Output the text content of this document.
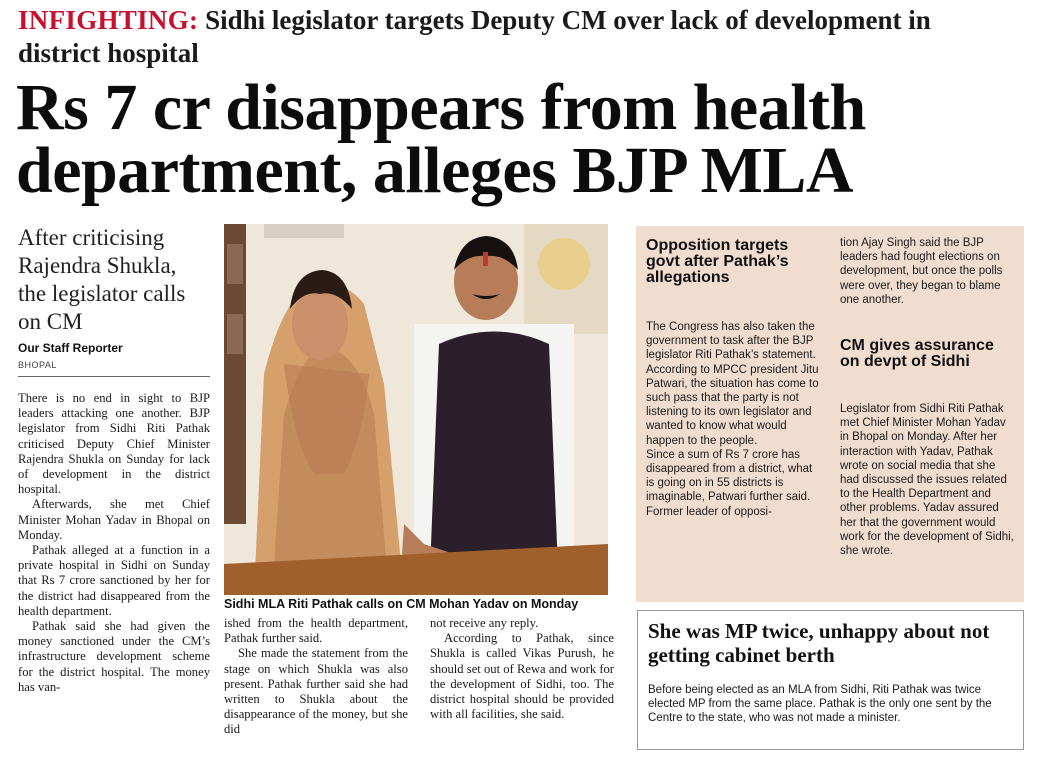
INFIGHTING: Sidhi legislator targets Deputy CM over lack of development in district hospital
Rs 7 cr disappears from health department, alleges BJP MLA
After criticising Rajendra Shukla, the legislator calls on CM
Our Staff Reporter
BHOPAL

There is no end in sight to BJP leaders attacking one another. BJP legislator from Sidhi Riti Pathak criticised Deputy Chief Minister Rajendra Shukla on Sunday for lack of development in the district hospital.

Afterwards, she met Chief Minister Mohan Yadav in Bhopal on Monday.

Pathak alleged at a function in a private hospital in Sidhi on Sunday that Rs 7 crore sanctioned by her for the district had disappeared from the health department.

Pathak said she had given the money sanctioned under the CM’s infrastructure development scheme for the district hospital. The money has van-

Sidhi MLA Riti Pathak calls on CM Mohan Yadav on Monday

ished from the health department, Pathak further said.

She made the statement from the stage on which Shukla was also present. Pathak further said she had written to Shukla about the disappearance of the money, but she did

not receive any reply.

According to Pathak, since Shukla is called Vikas Purush, he should set out of Rewa and work for the development of Sidhi, too. The district hospital should be provided with all facilities, she said.

Opposition targets govt after Pathak’s allegations

The Congress has also taken the government to task after the BJP legislator Riti Pathak’s statement. According to MPCC president Jitu Patwari, the situation has come to such pass that the party is not listening to its own legislator and wanted to know what would happen to the people.

Since a sum of Rs 7 crore has disappeared from a district, what is going on in 55 districts is imaginable, Patwari further said.

Former leader of opposi-

tion Ajay Singh said the BJP leaders had fought elections on development, but once the polls were over, they began to blame one another.
CM gives assurance on devpt of Sidhi
Legislator from Sidhi Riti Pathak met Chief Minister Mohan Yadav in Bhopal on Monday. After her interaction with Yadav, Pathak wrote on social media that she had discussed the issues related to the Health Department and other problems. Yadav assured her that the government would work for the development of Sidhi, she wrote.
She was MP twice, unhappy about not getting cabinet berth
Before being elected as an MLA from Sidhi, Riti Pathak was twice elected MP from the same place. Pathak is the only one sent by the Centre to the state, who was not made a minister.
